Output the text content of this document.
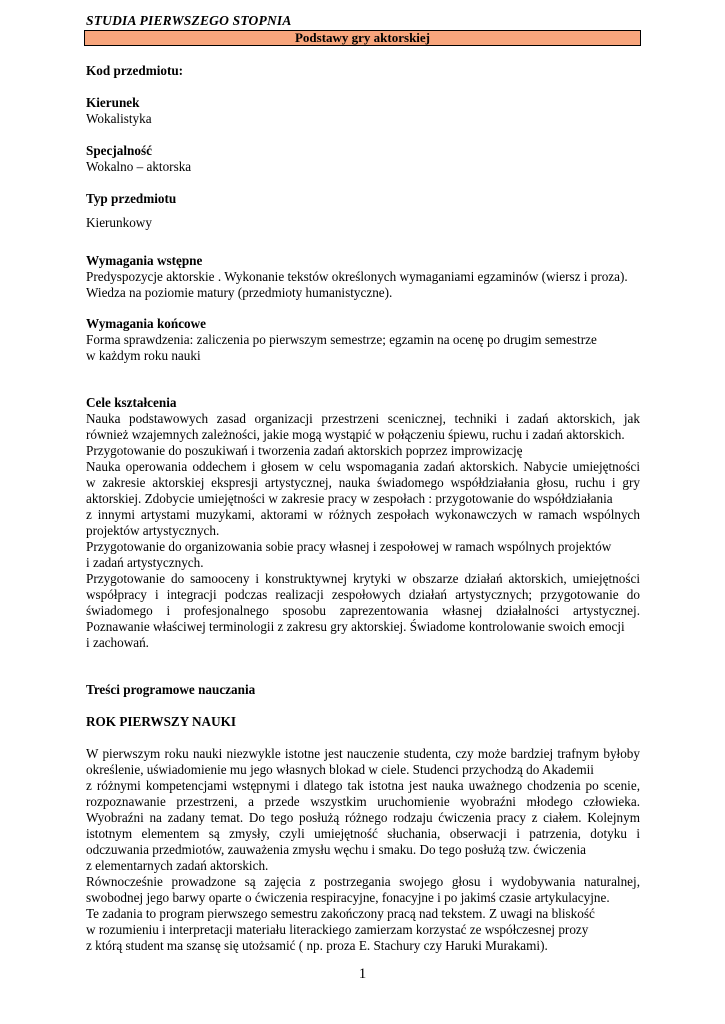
STUDIA PIERWSZEGO STOPNIA
Podstawy gry aktorskiej

Kod przedmiotu:

Kierunek

Wokalistyka

Specjalność

Wokalno – aktorska

Typ przedmiotu

Kierunkowy

Wymagania wstępne

Predyspozycje aktorskie . Wykonanie tekstów określonych wymaganiami egzaminów (wiersz i proza).

Wiedza na poziomie matury (przedmioty humanistyczne).

Wymagania końcowe

Forma sprawdzenia: zaliczenia po pierwszym semestrze; egzamin na ocenę po drugim semestrze

w każdym roku nauki

Cele kształcenia

Nauka podstawowych zasad organizacji przestrzeni scenicznej, techniki i zadań aktorskich, jak

również wzajemnych zależności, jakie mogą wystąpić w połączeniu śpiewu, ruchu i zadań aktorskich.

Przygotowanie do poszukiwań i tworzenia zadań aktorskich poprzez improwizację

Nauka operowania oddechem i głosem w celu wspomagania zadań aktorskich. Nabycie umiejętności

w zakresie aktorskiej ekspresji artystycznej, nauka świadomego współdziałania głosu, ruchu i gry

aktorskiej. Zdobycie umiejętności w zakresie pracy w zespołach : przygotowanie do współdziałania

z innymi artystami muzykami, aktorami w różnych zespołach wykonawczych w ramach wspólnych

projektów artystycznych.

Przygotowanie do organizowania sobie pracy własnej i zespołowej w ramach wspólnych projektów

i zadań artystycznych.

Przygotowanie do samooceny i konstruktywnej krytyki w obszarze działań aktorskich, umiejętności

współpracy i integracji podczas realizacji zespołowych działań artystycznych; przygotowanie do

świadomego i profesjonalnego sposobu zaprezentowania własnej działalności artystycznej.

Poznawanie właściwej terminologii z zakresu gry aktorskiej. Świadome kontrolowanie swoich emocji

i zachowań.

Treści programowe nauczania

ROK PIERWSZY NAUKI

W pierwszym roku nauki niezwykle istotne jest nauczenie studenta, czy może bardziej trafnym byłoby

określenie, uświadomienie mu jego własnych blokad w ciele. Studenci przychodzą do Akademii

z różnymi kompetencjami wstępnymi i dlatego tak istotna jest nauka uważnego chodzenia po scenie,

rozpoznawanie przestrzeni, a przede wszystkim uruchomienie wyobraźni młodego człowieka.

Wyobraźni na zadany temat. Do tego posłużą różnego rodzaju ćwiczenia pracy z ciałem. Kolejnym

istotnym elementem są zmysły, czyli umiejętność słuchania, obserwacji i patrzenia, dotyku i

odczuwania przedmiotów, zauważenia zmysłu węchu i smaku. Do tego posłużą tzw. ćwiczenia

z elementarnych zadań aktorskich.

Równocześnie prowadzone są zajęcia z postrzegania swojego głosu i wydobywania naturalnej,

swobodnej jego barwy oparte o ćwiczenia respiracyjne, fonacyjne i po jakimś czasie artykulacyjne.

Te zadania to program pierwszego semestru zakończony pracą nad tekstem. Z uwagi na bliskość

w rozumieniu i interpretacji materiału literackiego zamierzam korzystać ze współczesnej prozy

z którą student ma szansę się utożsamić ( np. proza E. Stachury czy Haruki Murakami).

1
